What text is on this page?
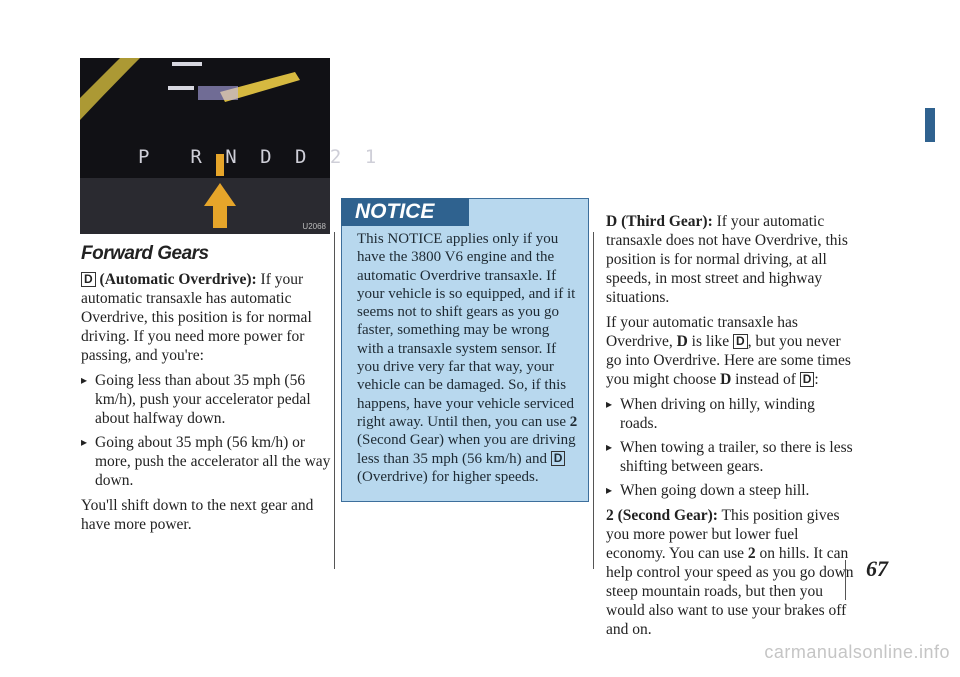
P  R N D D 2 1
U2068
Forward Gears

D (Automatic Overdrive): If your automatic transaxle has automatic Overdrive, this position is for normal driving. If you need more power for passing, and you're:

▸ Going less than about 35 mph (56 km/h), push your accelerator pedal about halfway down.
▸ Going about 35 mph (56 km/h) or more, push the accelerator all the way down.

You'll shift down to the next gear and have more power.

NOTICE
This NOTICE applies only if you have the 3800 V6 engine and the automatic Overdrive transaxle. If your vehicle is so equipped, and if it seems not to shift gears as you go faster, something may be wrong with a transaxle system sensor. If you drive very far that way, your vehicle can be damaged. So, if this happens, have your vehicle serviced right away. Until then, you can use 2 (Second Gear) when you are driving less than 35 mph (56 km/h) and D (Overdrive) for higher speeds.

D (Third Gear): If your automatic transaxle does not have Overdrive, this position is for normal driving, at all speeds, in most street and highway situations.

If your automatic transaxle has Overdrive, D is like D , but you never go into Overdrive. Here are some times you might choose D instead of D :

▸ When driving on hilly, winding roads.
▸ When towing a trailer, so there is less shifting between gears.
▸ When going down a steep hill.

2 (Second Gear): This position gives you more power but lower fuel economy. You can use 2 on hills. It can help control your speed as you go down steep mountain roads, but then you would also want to use your brakes off and on.

67
carmanualsonline.info
